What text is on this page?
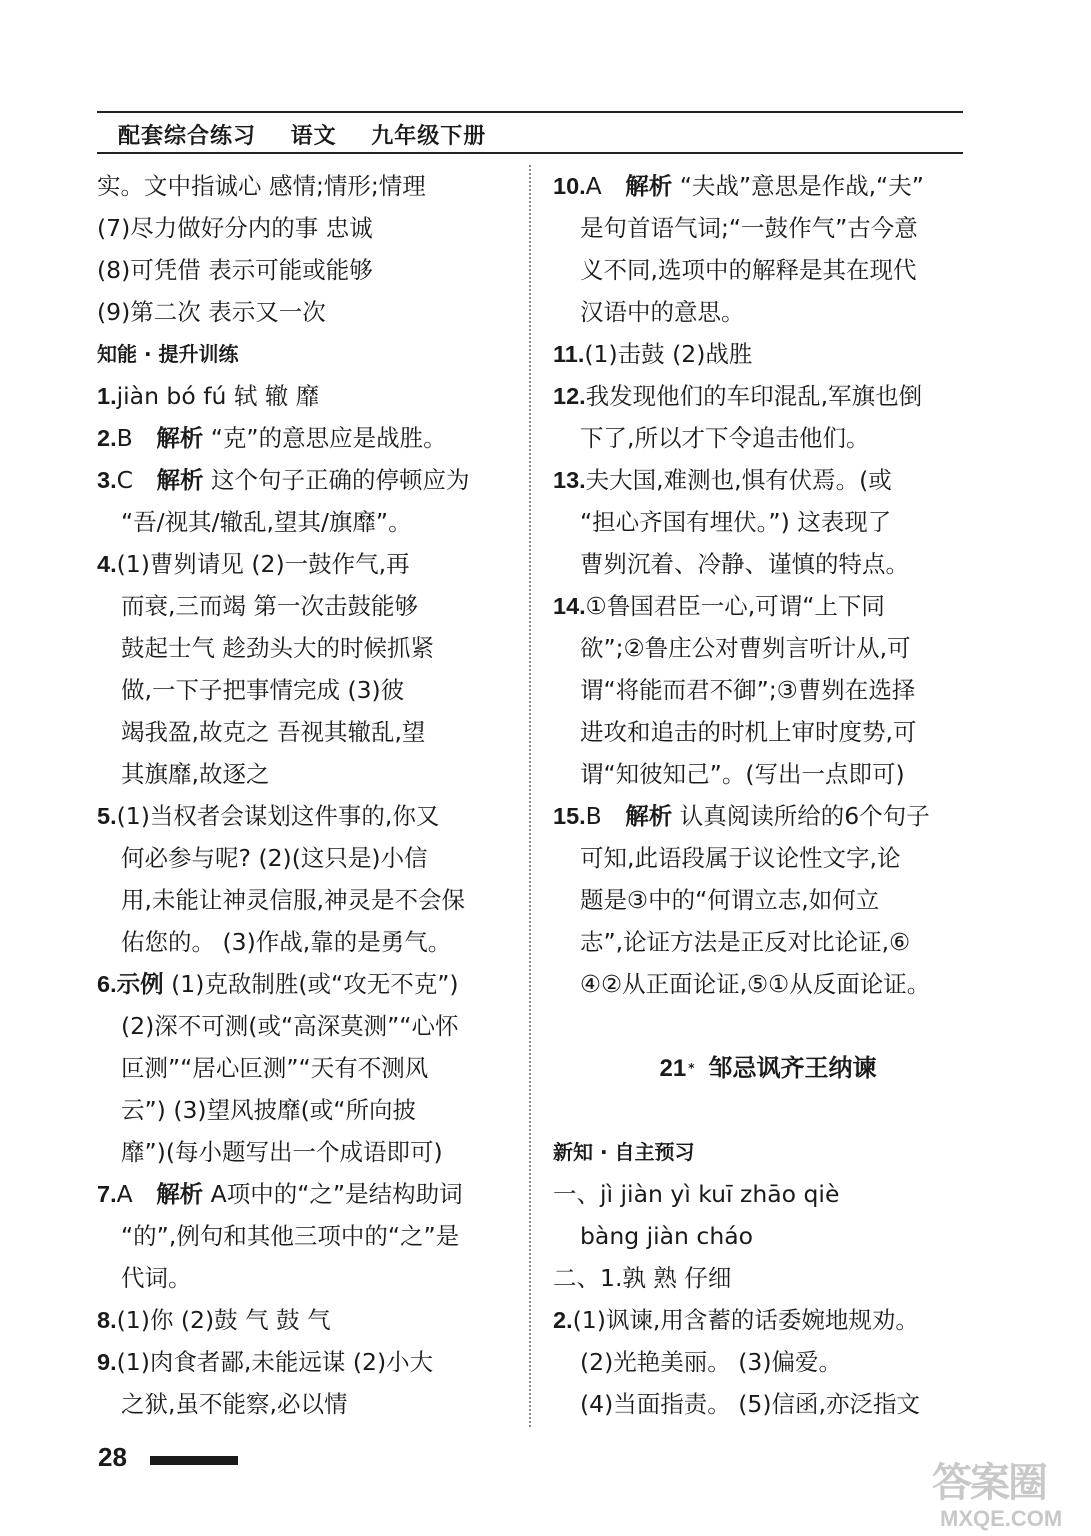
配套综合练习    语文    九年级下册
实。文中指诚心 感情;情形;情理
(7)尽力做好分内的事 忠诚
(8)可凭借 表示可能或能够
(9)第二次 表示又一次
知能 · 提升训练
1.jiàn bó fú 轼 辙 靡
2.B  解析 “克”的意思应是战胜。
3.C  解析 这个句子正确的停顿应为
“吾/视其/辙乱,望其/旗靡”。
4.(1)曹刿请见 (2)一鼓作气,再
而衰,三而竭 第一次击鼓能够
鼓起士气 趁劲头大的时候抓紧
做,一下子把事情完成 (3)彼
竭我盈,故克之 吾视其辙乱,望
其旗靡,故逐之
5.(1)当权者会谋划这件事的,你又
何必参与呢? (2)(这只是)小信
用,未能让神灵信服,神灵是不会保
佑您的。 (3)作战,靠的是勇气。
6.示例 (1)克敌制胜(或“攻无不克”)
(2)深不可测(或“高深莫测”“心怀
叵测”“居心叵测”“天有不测风
云”) (3)望风披靡(或“所向披
靡”)(每小题写出一个成语即可)
7.A  解析 A项中的“之”是结构助词
“的”,例句和其他三项中的“之”是
代词。
8.(1)你 (2)鼓 气 鼓 气
9.(1)肉食者鄙,未能远谋 (2)小大
之狱,虽不能察,必以情
10.A  解析 “夫战”意思是作战,“夫”
是句首语气词;“一鼓作气”古今意
义不同,选项中的解释是其在现代
汉语中的意思。
11.(1)击鼓 (2)战胜
12.我发现他们的车印混乱,军旗也倒
下了,所以才下令追击他们。
13.夫大国,难测也,惧有伏焉。(或
“担心齐国有埋伏。”) 这表现了
曹刿沉着、冷静、谨慎的特点。
14.①鲁国君臣一心,可谓“上下同
欲”;②鲁庄公对曹刿言听计从,可
谓“将能而君不御”;③曹刿在选择
进攻和追击的时机上审时度势,可
谓“知彼知己”。(写出一点即可)
15.B  解析 认真阅读所给的6个句子
可知,此语段属于议论性文字,论
题是③中的“何谓立志,如何立
志”,论证方法是正反对比论证,⑥
④②从正面论证,⑤①从反面论证。
21 * 邹忌讽齐王纳谏
新知 · 自主预习
一、jì jiàn yì kuī zhāo qiè
bàng jiàn cháo
二、1.孰 熟 仔细
2.(1)讽谏,用含蓄的话委婉地规劝。
(2)光艳美丽。 (3)偏爱。
(4)当面指责。 (5)信函,亦泛指文
28
答案圈
MXQE.COM
